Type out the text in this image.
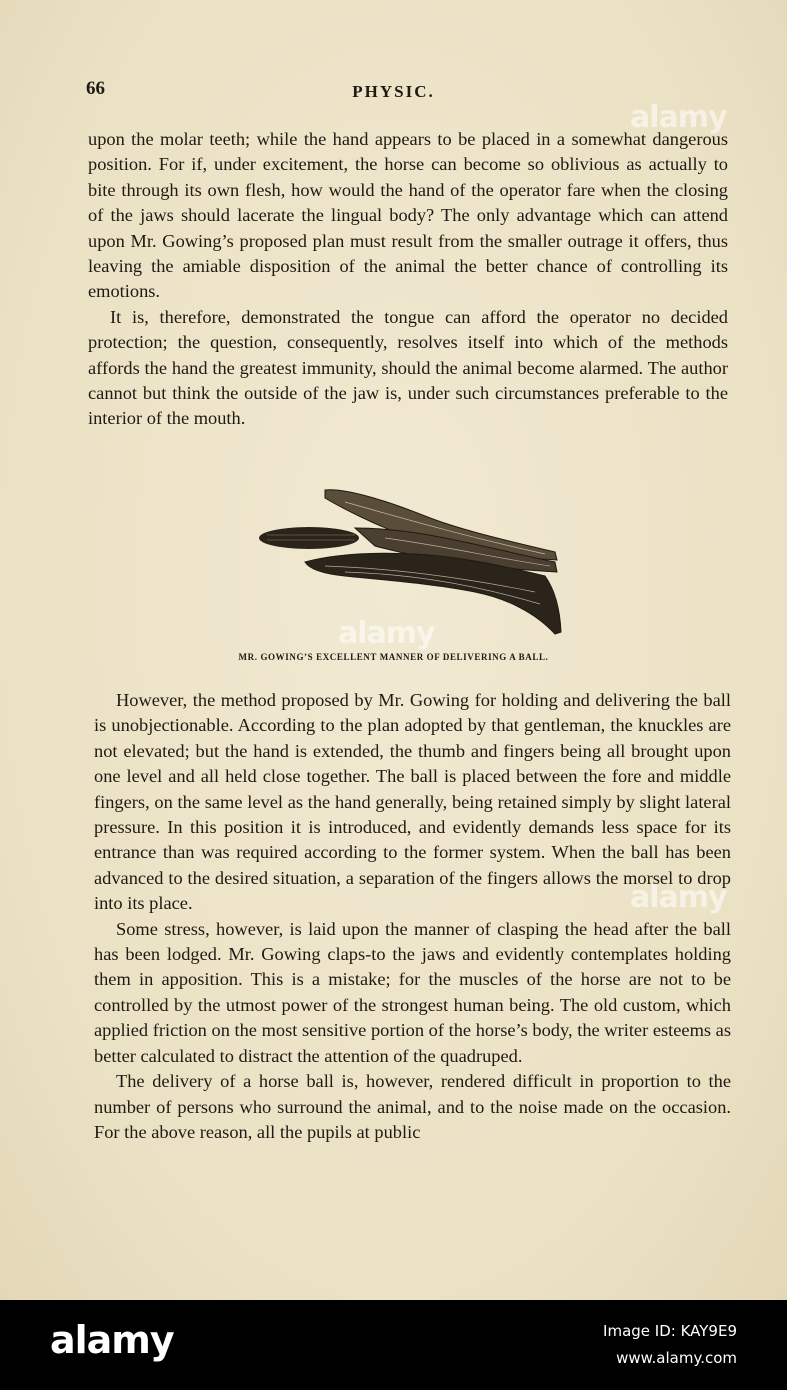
66	PHYSIC.

upon the molar teeth; while the hand appears to be placed in a somewhat dangerous position. For if, under excitement, the horse can become so oblivious as actually to bite through its own flesh, how would the hand of the operator fare when the closing of the jaws should lacerate the lingual body? The only advantage which can attend upon Mr. Gowing’s proposed plan must result from the smaller outrage it offers, thus leaving the amiable disposition of the animal the better chance of controlling its emotions.

It is, therefore, demonstrated the tongue can afford the operator no decided protection; the question, consequently, resolves itself into which of the methods affords the hand the greatest immunity, should the animal become alarmed. The author cannot but think the outside of the jaw is, under such circumstances preferable to the interior of the mouth.

MR. GOWING’S EXCELLENT MANNER OF DELIVERING A BALL.

However, the method proposed by Mr. Gowing for holding and delivering the ball is unobjectionable. According to the plan adopted by that gentleman, the knuckles are not elevated; but the hand is extended, the thumb and fingers being all brought upon one level and all held close together. The ball is placed between the fore and middle fingers, on the same level as the hand generally, being retained simply by slight lateral pressure. In this position it is introduced, and evidently demands less space for its entrance than was required according to the former system. When the ball has been advanced to the desired situation, a separation of the fingers allows the morsel to drop into its place.

Some stress, however, is laid upon the manner of clasping the head after the ball has been lodged. Mr. Gowing claps-to the jaws and evidently contemplates holding them in apposition. This is a mistake; for the muscles of the horse are not to be controlled by the utmost power of the strongest human being. The old custom, which applied friction on the most sensitive portion of the horse’s body, the writer esteems as better calculated to distract the attention of the quadruped.

The delivery of a horse ball is, however, rendered difficult in proportion to the number of persons who surround the animal, and to the noise made on the occasion. For the above reason, all the pupils at public

alamy
alamy
alamy
alamy	Image ID: KAY9E9
www.alamy.com
